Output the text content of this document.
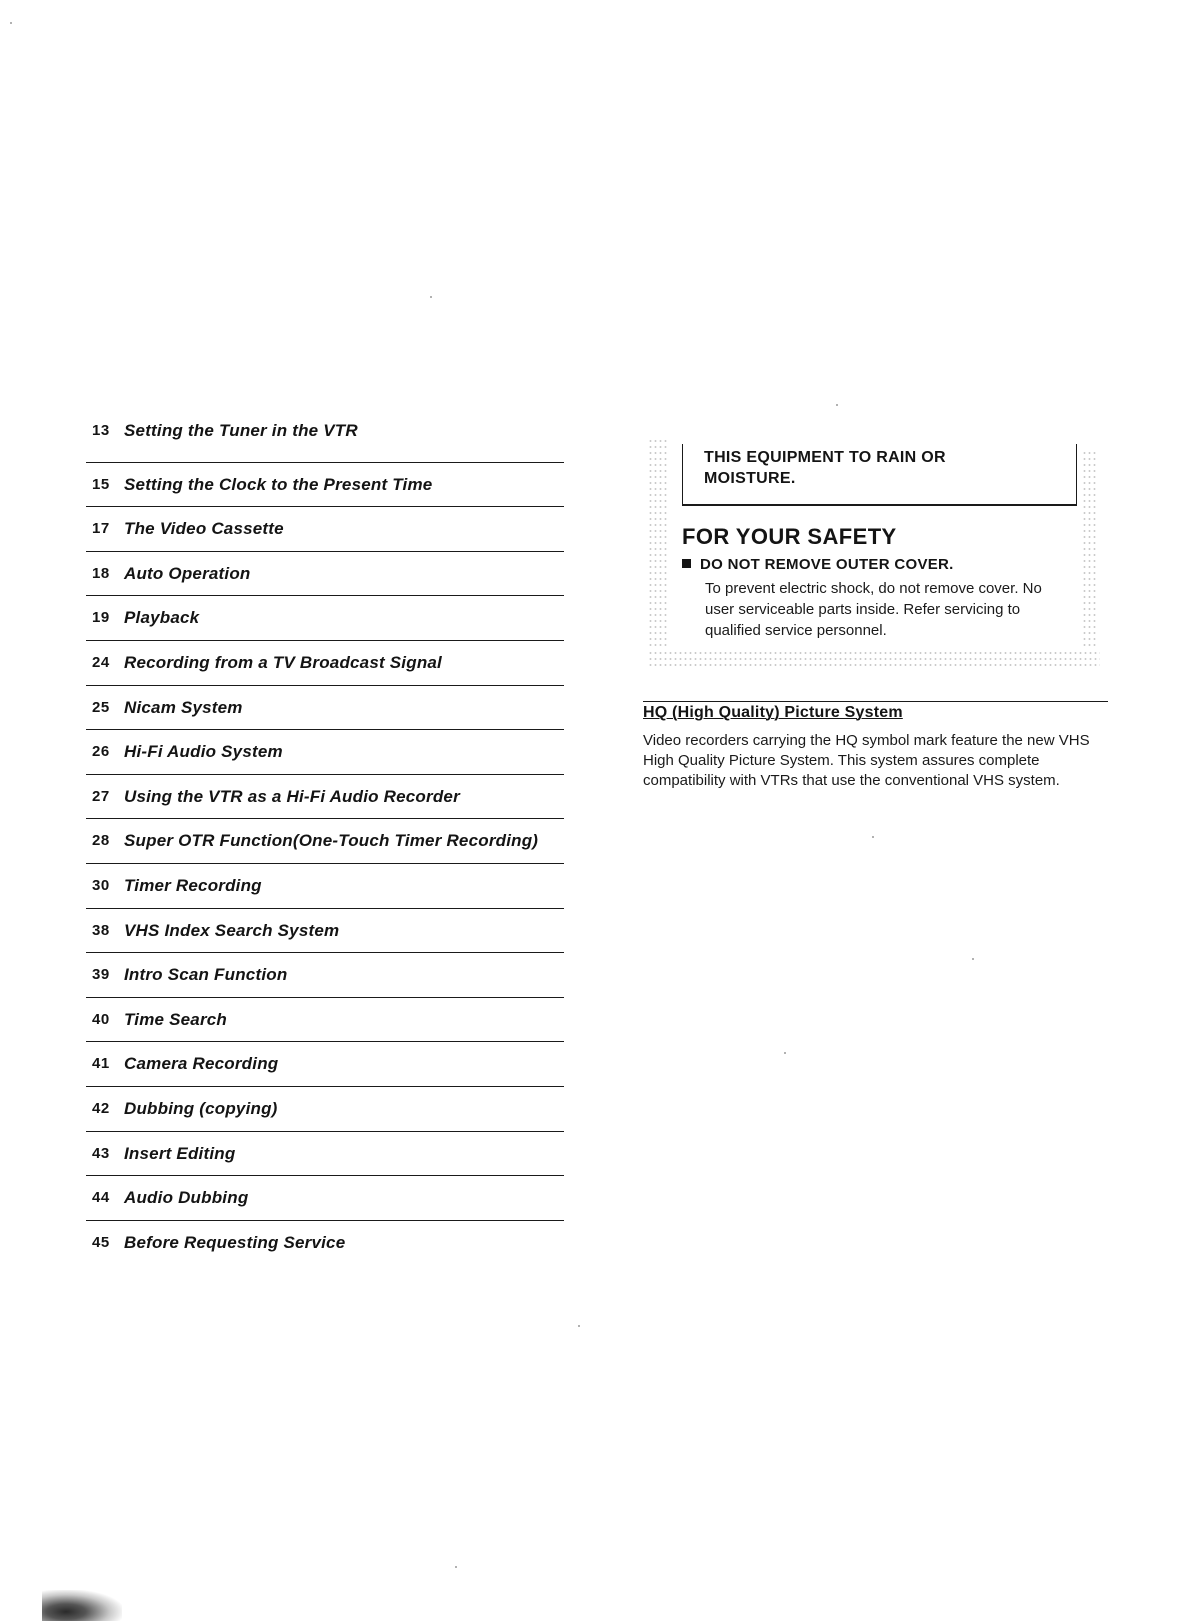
13 Setting the Tuner in the VTR
15 Setting the Clock to the Present Time
17 The Video Cassette
18 Auto Operation
19 Playback
24 Recording from a TV Broadcast Signal
25 Nicam System
26 Hi-Fi Audio System
27 Using the VTR as a Hi-Fi Audio Recorder
28 Super OTR Function(One-Touch Timer Recording)
30 Timer Recording
38 VHS Index Search System
39 Intro Scan Function
40 Time Search
41 Camera Recording
42 Dubbing (copying)
43 Insert Editing
44 Audio Dubbing
45 Before Requesting Service
THIS EQUIPMENT TO RAIN OR
MOISTURE.
FOR YOUR SAFETY
DO NOT REMOVE OUTER COVER.
To prevent electric shock, do not remove cover. No user serviceable parts inside. Refer servicing to qualified service personnel.
HQ (High Quality) Picture System
Video recorders carrying the HQ symbol mark feature the new VHS High Quality Picture System. This system assures complete compatibility with VTRs that use the conventional VHS system.
